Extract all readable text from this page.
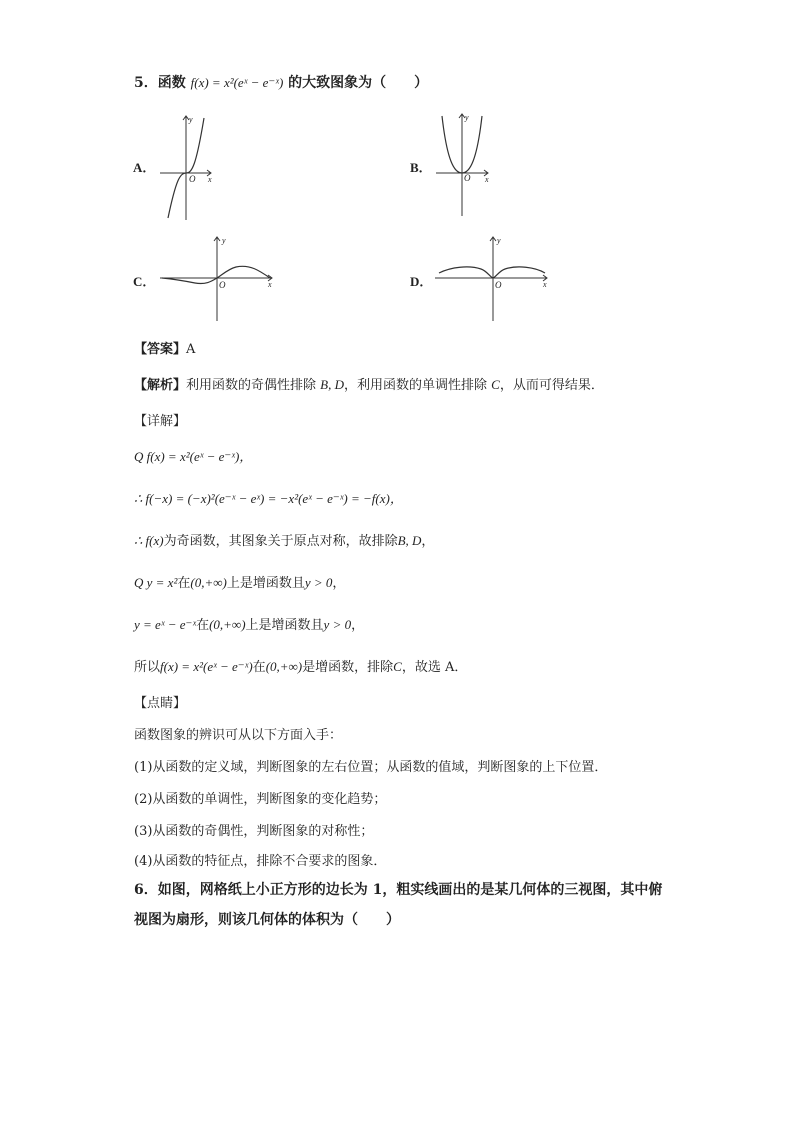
5．函数 f(x) = x²(eˣ − e⁻ˣ) 的大致图象为（　　）
A．	B．
C．	D．
y
x
O
y
x
O
y
x
O
y
x
O
【答案】A
【解析】利用函数的奇偶性排除 B, D，利用函数的单调性排除 C，从而可得结果．
【详解】
Q f(x) = x²(eˣ − e⁻ˣ)，
∴ f(−x) = (−x)²(e⁻ˣ − eˣ) = −x²(eˣ − e⁻ˣ) = −f(x)，
∴ f(x)为奇函数，其图象关于原点对称，故排除B, D，
Q y = x²在(0,+∞)上是增函数且y > 0，
y = eˣ − e⁻ˣ在(0,+∞)上是增函数且y > 0，
所以f(x) = x²(eˣ − e⁻ˣ)在(0,+∞)是增函数，排除C，故选 A．
【点睛】
函数图象的辨识可从以下方面入手：
(1)从函数的定义域，判断图象的左右位置；从函数的值域，判断图象的上下位置．
(2)从函数的单调性，判断图象的变化趋势；
(3)从函数的奇偶性，判断图象的对称性；
(4)从函数的特征点，排除不合要求的图象．
6．如图，网格纸上小正方形的边长为 1，粗实线画出的是某几何体的三视图，其中俯
视图为扇形，则该几何体的体积为（　　）
